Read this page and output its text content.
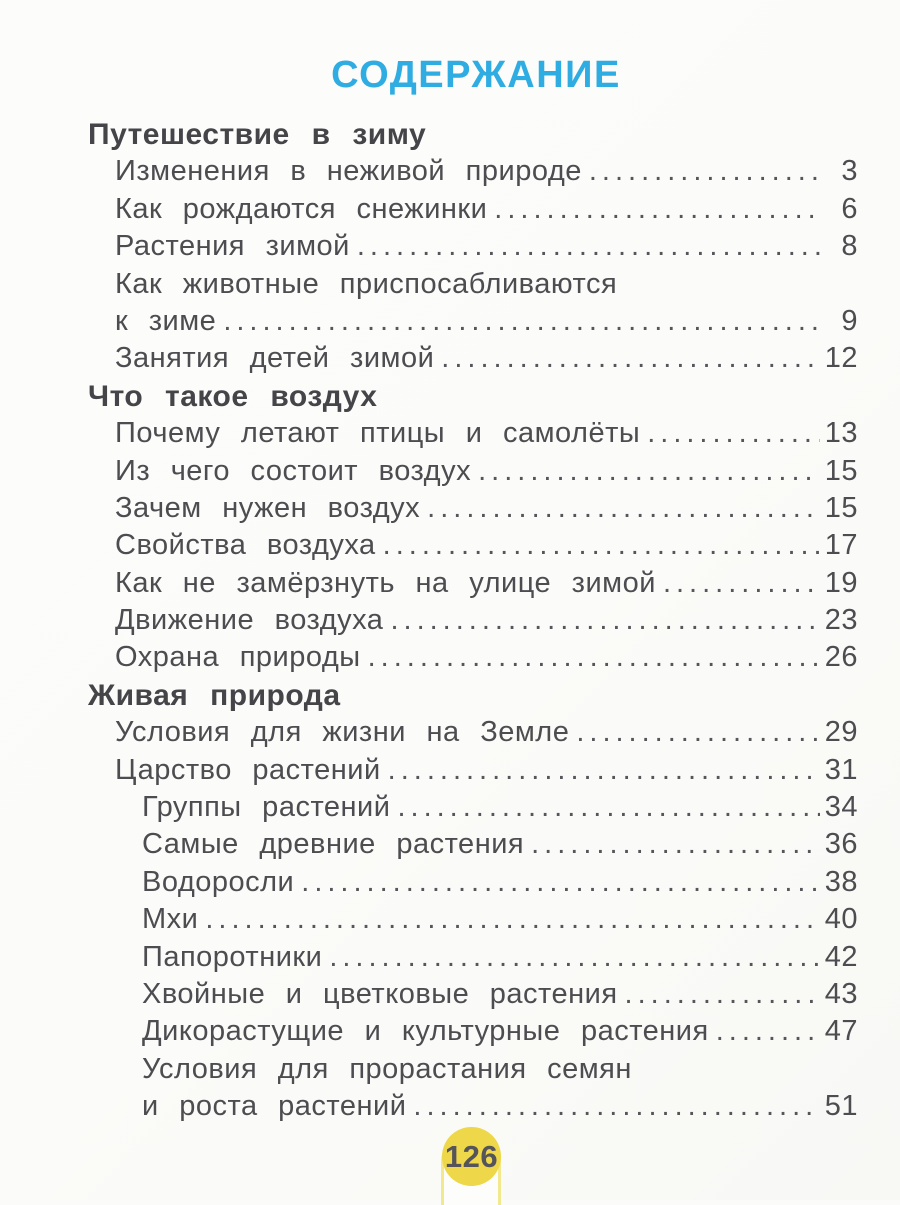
СОДЕРЖАНИЕ
Путешествие в зиму
Изменения в неживой природе .....	3
Как рождаются снежинки .....	6
Растения зимой .....	8
Как животные приспосабливаются
к зиме .....	9
Занятия детей зимой .....	12
Что такое воздух
Почему летают птицы и самолёты .....	13
Из чего состоит воздух .....	15
Зачем нужен воздух .....	15
Свойства воздуха .....	17
Как не замёрзнуть на улице зимой .....	19
Движение воздуха .....	23
Охрана природы .....	26
Живая природа
Условия для жизни на Земле .....	29
Царство растений .....	31
Группы растений .....	34
Самые древние растения .....	36
Водоросли .....	38
Мхи .....	40
Папоротники .....	42
Хвойные и цветковые растения .....	43
Дикорастущие и культурные растения .....	47
Условия для прорастания семян
и роста растений .....	51
126
